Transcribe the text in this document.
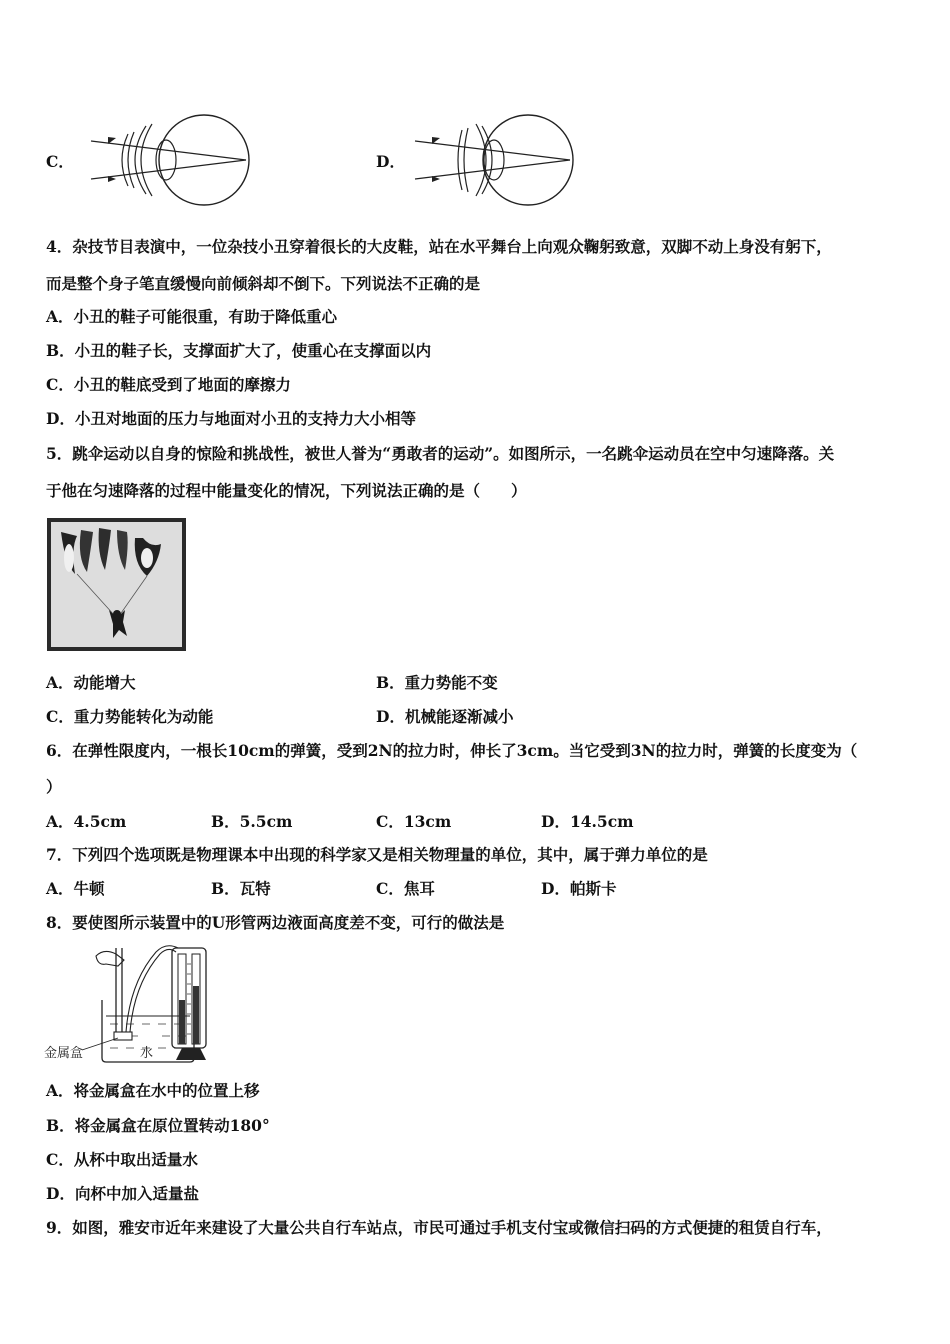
C．	D．
4．杂技节目表演中，一位杂技小丑穿着很长的大皮鞋，站在水平舞台上向观众鞠躬致意，双脚不动上身没有躬下，
而是整个身子笔直缓慢向前倾斜却不倒下。下列说法不正确的是
A．小丑的鞋子可能很重，有助于降低重心
B．小丑的鞋子长，支撑面扩大了，使重心在支撑面以内
C．小丑的鞋底受到了地面的摩擦力
D．小丑对地面的压力与地面对小丑的支持力大小相等
5．跳伞运动以自身的惊险和挑战性，被世人誉为“勇敢者的运动”。如图所示，一名跳伞运动员在空中匀速降落。关
于他在匀速降落的过程中能量变化的情况，下列说法正确的是（　　）
A．动能增大	B．重力势能不变
C．重力势能转化为动能	D．机械能逐渐减小
6．在弹性限度内，一根长10cm的弹簧，受到2N的拉力时，伸长了3cm。当它受到3N的拉力时，弹簧的长度变为（
）
A．4.5cm	B．5.5cm	C．13cm	D．14.5cm
7．下列四个选项既是物理课本中出现的科学家又是相关物理量的单位，其中，属于弹力单位的是
A．牛顿	B．瓦特	C．焦耳	D．帕斯卡
8．要使图所示装置中的U形管两边液面高度差不变，可行的做法是
金属盒	水
A．将金属盒在水中的位置上移
B．将金属盒在原位置转动180°
C．从杯中取出适量水
D．向杯中加入适量盐
9．如图，雅安市近年来建设了大量公共自行车站点，市民可通过手机支付宝或微信扫码的方式便捷的租赁自行车，
